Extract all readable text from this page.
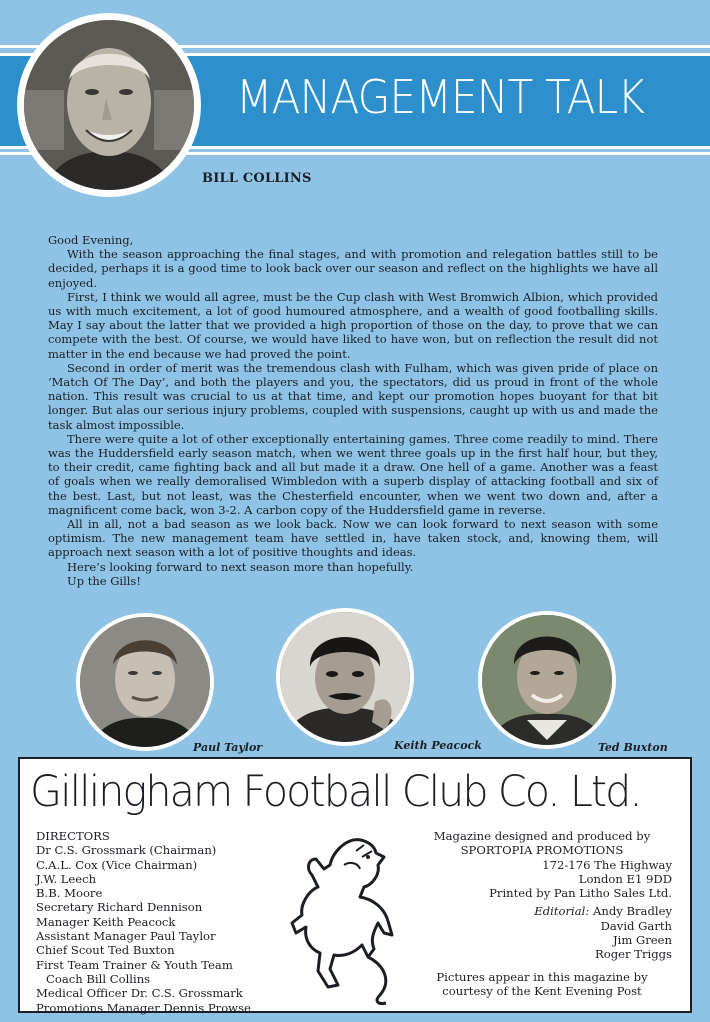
MANAGEMENT TALK
BILL COLLINS

Good Evening,

With the season approaching the final stages, and with promotion and relegation battles still to be decided, perhaps it is a good time to look back over our season and reflect on the highlights we have all enjoyed.

First, I think we would all agree, must be the Cup clash with West Bromwich Albion, which provided us with much excitement, a lot of good humoured atmosphere, and a wealth of good footballing skills. May I say about the latter that we provided a high proportion of those on the day, to prove that we can compete with the best. Of course, we would have liked to have won, but on reflection the result did not matter in the end because we had proved the point.

Second in order of merit was the tremendous clash with Fulham, which was given pride of place on ‘Match Of The Day’, and both the players and you, the spectators, did us proud in front of the whole nation. This result was crucial to us at that time, and kept our promotion hopes buoyant for that bit longer. But alas our serious injury problems, coupled with suspensions, caught up with us and made the task almost impossible.

There were quite a lot of other exceptionally entertaining games. Three come readily to mind. There was the Huddersfield early season match, when we went three goals up in the first half hour, but they, to their credit, came fighting back and all but made it a draw. One hell of a game. Another was a feast of goals when we really demoralised Wimbledon with a superb display of attacking football and six of the best. Last, but not least, was the Chesterfield encounter, when we went two down and, after a magnificent come back, won 3-2. A carbon copy of the Huddersfield game in reverse.

All in all, not a bad season as we look back. Now we can look forward to next season with some optimism. The new management team have settled in, have taken stock, and, knowing them, will approach next season with a lot of positive thoughts and ideas.

Here’s looking forward to next season more than hopefully.

Up the Gills!

Paul Taylor	Keith Peacock	Ted Buxton
Gillingham Football Club Co. Ltd.
DIRECTORS
Dr C.S. Grossmark (Chairman)
C.A.L. Cox (Vice Chairman)
J.W. Leech
B.B. Moore
Secretary Richard Dennison
Manager Keith Peacock
Assistant Manager Paul Taylor
Chief Scout Ted Buxton
First Team Trainer & Youth Team
Coach Bill Collins
Medical Officer Dr. C.S. Grossmark
Promotions Manager Dennis Prowse
Magazine designed and produced by
SPORTOPIA PROMOTIONS
172-176 The Highway
London E1 9DD
Printed by Pan Litho Sales Ltd.
Editorial: Andy Bradley
David Garth
Jim Green
Roger Triggs
Pictures appear in this magazine by
courtesy of the Kent Evening Post
